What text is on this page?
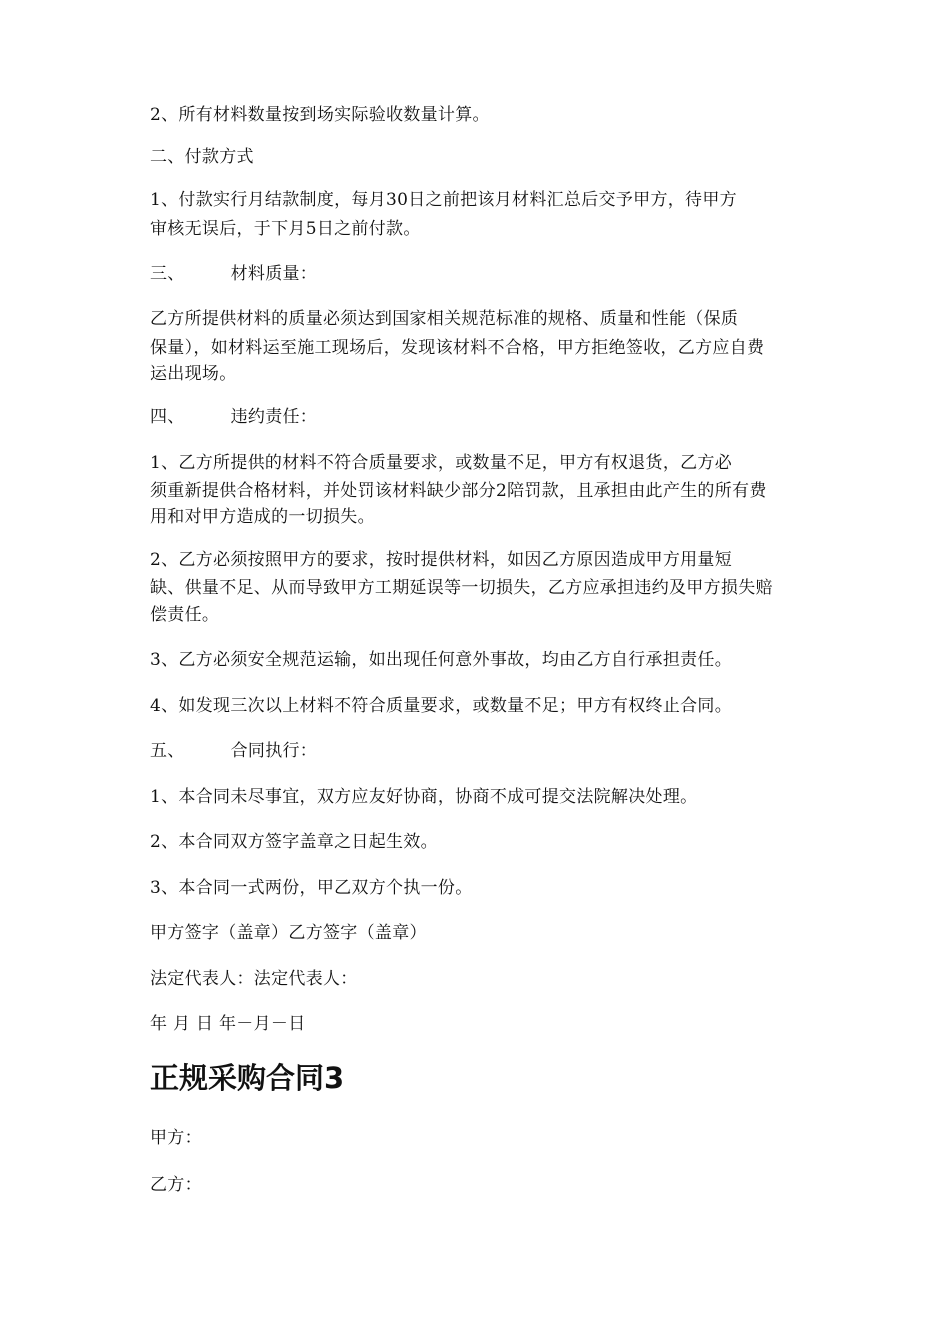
2、所有材料数量按到场实际验收数量计算。

二、付款方式

1、付款实行月结款制度，每月30日之前把该月材料汇总后交予甲方，待甲方

审核无误后，于下月5日之前付款。

三、	材料质量：

乙方所提供材料的质量必须达到国家相关规范标准的规格、质量和性能（保质

保量），如材料运至施工现场后，发现该材料不合格，甲方拒绝签收，乙方应自费

运出现场。

四、	违约责任：

1、乙方所提供的材料不符合质量要求，或数量不足，甲方有权退货，乙方必

须重新提供合格材料，并处罚该材料缺少部分2陪罚款，且承担由此产生的所有费

用和对甲方造成的一切损失。

2、乙方必须按照甲方的要求，按时提供材料，如因乙方原因造成甲方用量短

缺、供量不足、从而导致甲方工期延误等一切损失，乙方应承担违约及甲方损失赔

偿责任。

3、乙方必须安全规范运输，如出现任何意外事故，均由乙方自行承担责任。

4、如发现三次以上材料不符合质量要求，或数量不足；甲方有权终止合同。

五、	合同执行：

1、本合同未尽事宜，双方应友好协商，协商不成可提交法院解决处理。

2、本合同双方签字盖章之日起生效。

3、本合同一式两份，甲乙双方个执一份。

甲方签字（盖章）乙方签字（盖章）

法定代表人：法定代表人：

年 月 日 年－月－日

正规采购合同3

甲方：

乙方：
